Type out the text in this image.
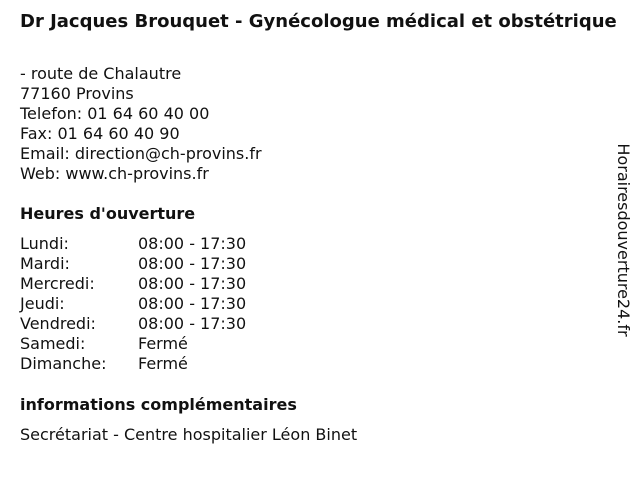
Dr Jacques Brouquet - Gynécologue médical et obstétrique
- route de Chalautre
77160 Provins
Telefon: 01 64 60 40 00
Fax: 01 64 60 40 90
Email: direction@ch-provins.fr
Web: www.ch-provins.fr
Heures d'ouverture
Lundi:	08:00 - 17:30
Mardi:	08:00 - 17:30
Mercredi:	08:00 - 17:30
Jeudi:	08:00 - 17:30
Vendredi:	08:00 - 17:30
Samedi:	Fermé
Dimanche:	Fermé
informations complémentaires
Secrétariat - Centre hospitalier Léon Binet
Horairesdouverture24.fr
